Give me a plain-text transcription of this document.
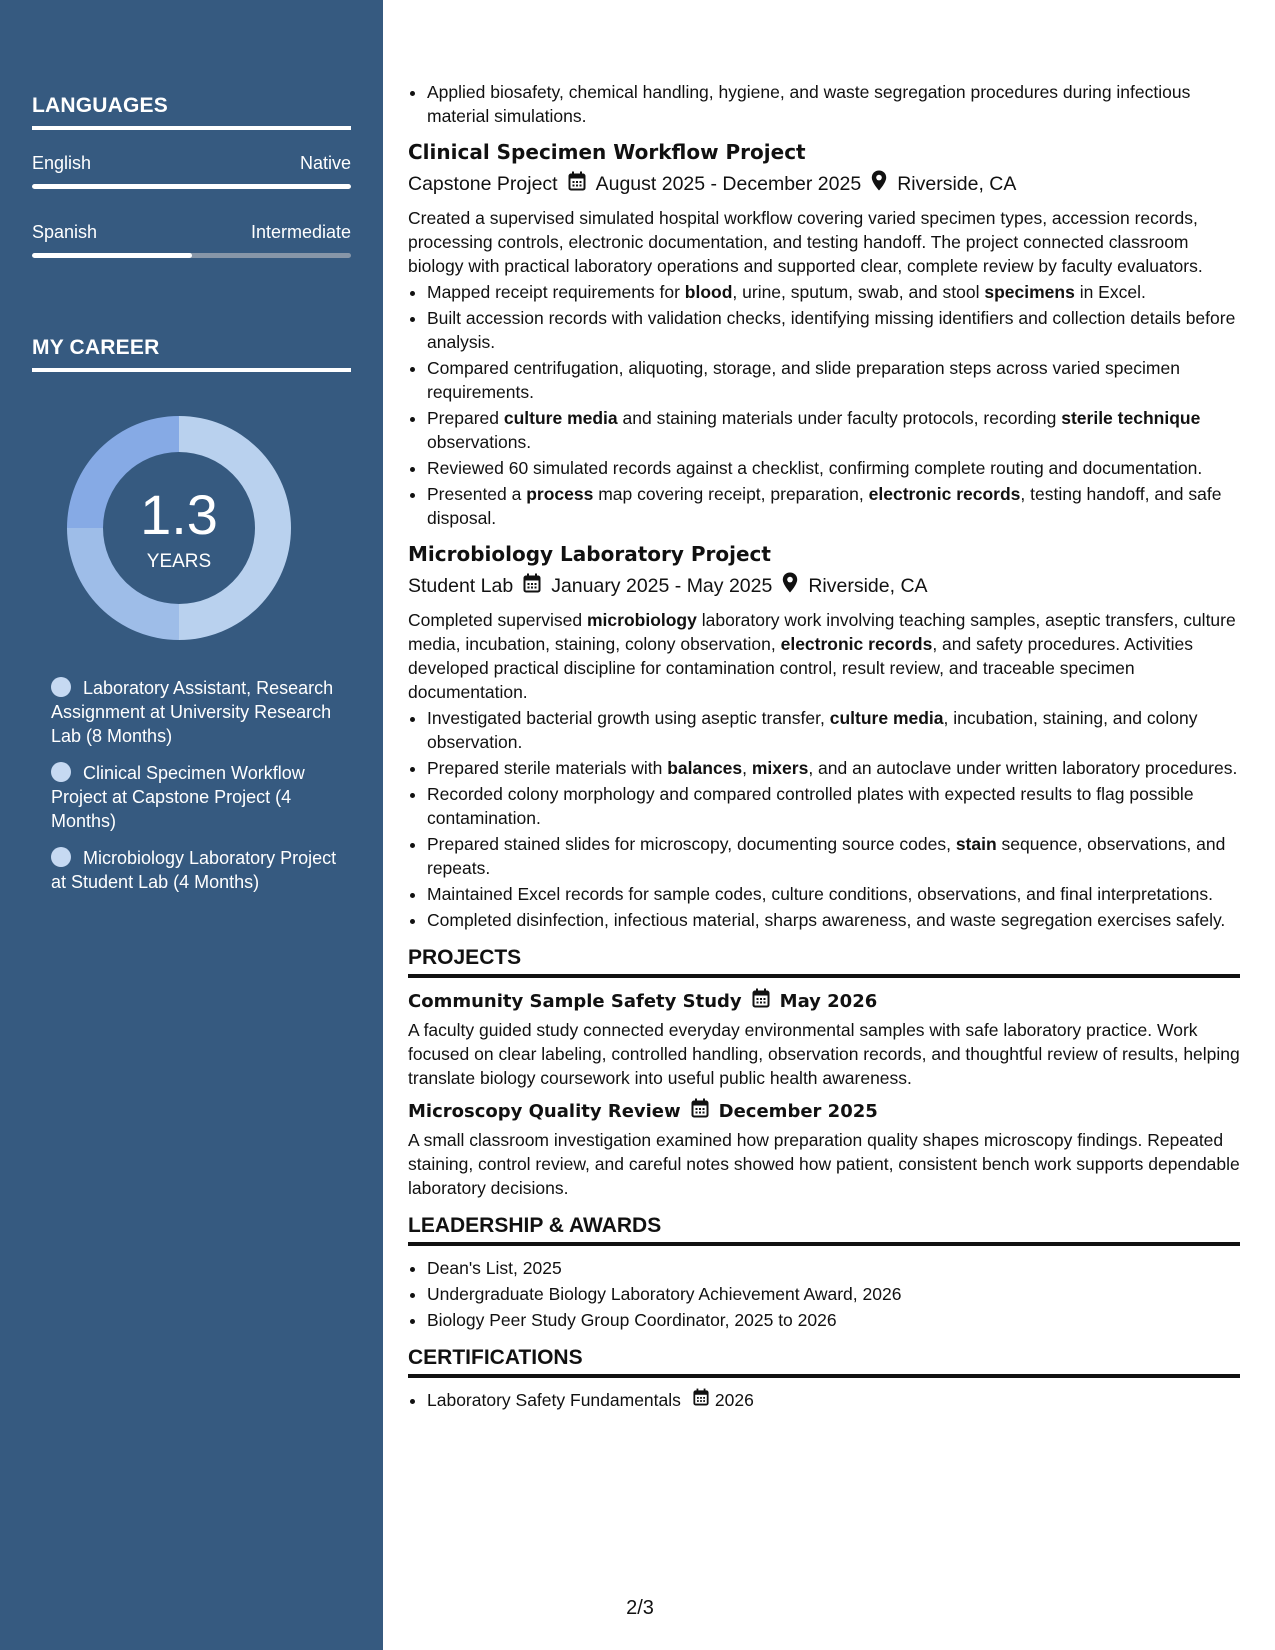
LANGUAGES
English	Native
Spanish	Intermediate
MY CAREER
1.3
YEARS
Laboratory Assistant, Research Assignment at University Research Lab (8 Months)
Clinical Specimen Workflow Project at Capstone Project (4 Months)
Microbiology Laboratory Project at Student Lab (4 Months)
• Applied biosafety, chemical handling, hygiene, and waste segregation procedures during infectious material simulations.
Clinical Specimen Workflow Project
Capstone Project August 2025 - December 2025 Riverside, CA
Created a supervised simulated hospital workflow covering varied specimen types, accession records, processing controls, electronic documentation, and testing handoff. The project connected classroom biology with practical laboratory operations and supported clear, complete review by faculty evaluators.
• Mapped receipt requirements for blood, urine, sputum, swab, and stool specimens in Excel.
• Built accession records with validation checks, identifying missing identifiers and collection details before analysis.
• Compared centrifugation, aliquoting, storage, and slide preparation steps across varied specimen requirements.
• Prepared culture media and staining materials under faculty protocols, recording sterile technique observations.
• Reviewed 60 simulated records against a checklist, confirming complete routing and documentation.
• Presented a process map covering receipt, preparation, electronic records, testing handoff, and safe disposal.
Microbiology Laboratory Project
Student Lab January 2025 - May 2025 Riverside, CA
Completed supervised microbiology laboratory work involving teaching samples, aseptic transfers, culture media, incubation, staining, colony observation, electronic records, and safety procedures. Activities developed practical discipline for contamination control, result review, and traceable specimen documentation.
• Investigated bacterial growth using aseptic transfer, culture media, incubation, staining, and colony observation.
• Prepared sterile materials with balances, mixers, and an autoclave under written laboratory procedures.
• Recorded colony morphology and compared controlled plates with expected results to flag possible contamination.
• Prepared stained slides for microscopy, documenting source codes, stain sequence, observations, and repeats.
• Maintained Excel records for sample codes, culture conditions, observations, and final interpretations.
• Completed disinfection, infectious material, sharps awareness, and waste segregation exercises safely.
PROJECTS
Community Sample Safety Study May 2026
A faculty guided study connected everyday environmental samples with safe laboratory practice. Work focused on clear labeling, controlled handling, observation records, and thoughtful review of results, helping translate biology coursework into useful public health awareness.
Microscopy Quality Review December 2025
A small classroom investigation examined how preparation quality shapes microscopy findings. Repeated staining, control review, and careful notes showed how patient, consistent bench work supports dependable laboratory decisions.
LEADERSHIP & AWARDS
• Dean's List, 2025
• Undergraduate Biology Laboratory Achievement Award, 2026
• Biology Peer Study Group Coordinator, 2025 to 2026
CERTIFICATIONS
• Laboratory Safety Fundamentals 2026
2/3
